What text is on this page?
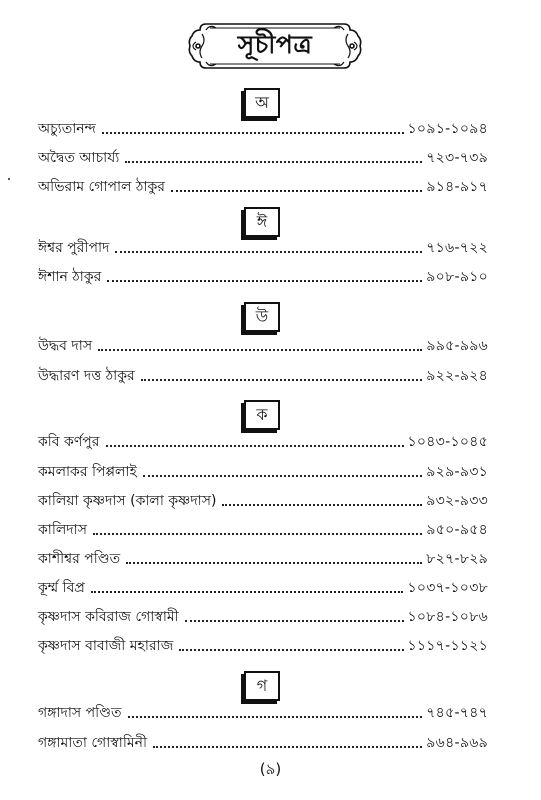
সূচীপত্র
অ
অচ্যুতানন্দ	১০৯১-১০৯৪
অদ্বৈত আচার্য্য	৭২৩-৭৩৯
অভিরাম গোপাল ঠাকুর	৯১৪-৯১৭
ঈ
ঈশ্বর পুরীপাদ	৭১৬-৭২২
ঈশান ঠাকুর	৯০৮-৯১০
উ
উদ্ধব দাস	৯৯৫-৯৯৬
উদ্ধারণ দত্ত ঠাকুর	৯২২-৯২৪
ক
কবি কর্ণপুর	১০৪৩-১০৪৫
কমলাকর পিপ্পলাই	৯২৯-৯৩১
কালিয়া কৃষ্ণদাস (কালা কৃষ্ণদাস)	৯৩২-৯৩৩
কালিদাস	৯৫০-৯৫৪
কাশীশ্বর পণ্ডিত	৮২৭-৮২৯
কূর্ম্ম বিপ্র	১০৩৭-১০৩৮
কৃষ্ণদাস কবিরাজ গোস্বামী	১০৮৪-১০৮৬
কৃষ্ণদাস বাবাজী মহারাজ	১১১৭-১১২১
গ
গঙ্গাদাস পণ্ডিত	৭৪৫-৭৪৭
গঙ্গামাতা গোস্বামিনী	৯৬৪-৯৬৯
(৯)
